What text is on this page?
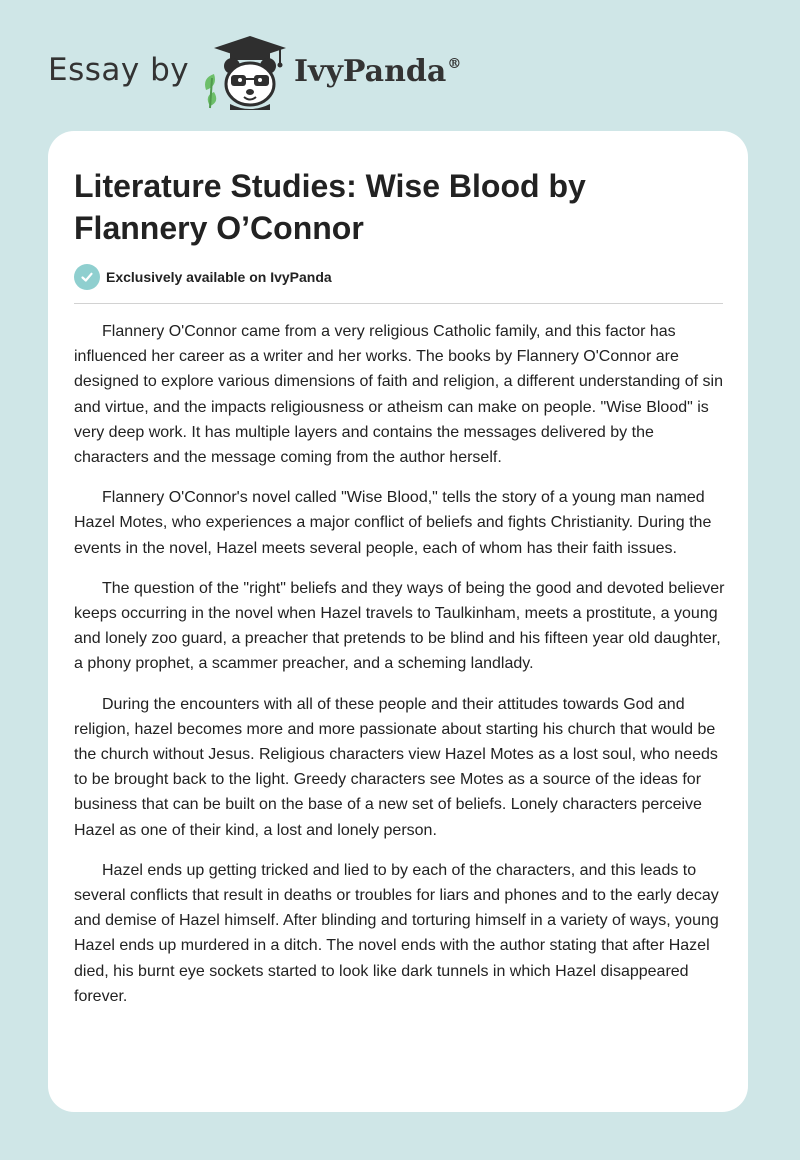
Essay by	IvyPanda®
Literature Studies: Wise Blood by Flannery O’Connor
Exclusively available on IvyPanda

Flannery O'Connor came from a very religious Catholic family, and this factor has influenced her career as a writer and her works. The books by Flannery O'Connor are designed to explore various dimensions of faith and religion, a different understanding of sin and virtue, and the impacts religiousness or atheism can make on people. "Wise Blood" is very deep work. It has multiple layers and contains the messages delivered by the characters and the message coming from the author herself.

Flannery O'Connor's novel called "Wise Blood," tells the story of a young man named Hazel Motes, who experiences a major conflict of beliefs and fights Christianity. During the events in the novel, Hazel meets several people, each of whom has their faith issues.

The question of the "right" beliefs and they ways of being the good and devoted believer keeps occurring in the novel when Hazel travels to Taulkinham, meets a prostitute, a young and lonely zoo guard, a preacher that pretends to be blind and his fifteen year old daughter, a phony prophet, a scammer preacher, and a scheming landlady.

During the encounters with all of these people and their attitudes towards God and religion, hazel becomes more and more passionate about starting his church that would be the church without Jesus. Religious characters view Hazel Motes as a lost soul, who needs to be brought back to the light. Greedy characters see Motes as a source of the ideas for business that can be built on the base of a new set of beliefs. Lonely characters perceive Hazel as one of their kind, a lost and lonely person.

Hazel ends up getting tricked and lied to by each of the characters, and this leads to several conflicts that result in deaths or troubles for liars and phones and to the early decay and demise of Hazel himself. After blinding and torturing himself in a variety of ways, young Hazel ends up murdered in a ditch. The novel ends with the author stating that after Hazel died, his burnt eye sockets started to look like dark tunnels in which Hazel disappeared forever.
